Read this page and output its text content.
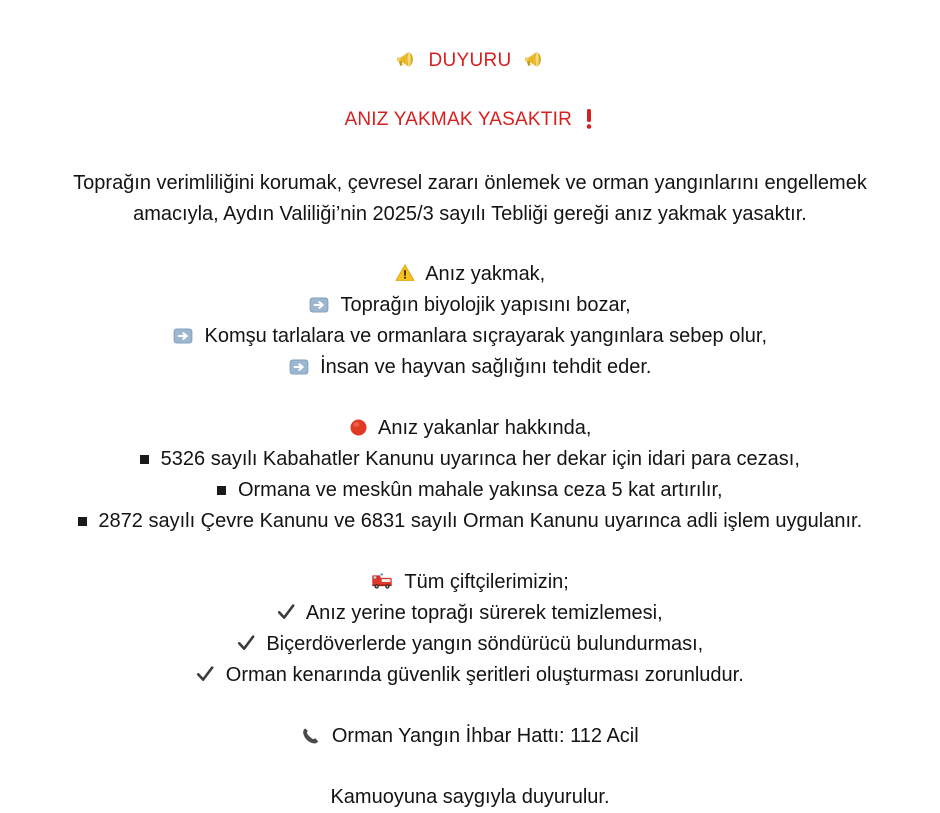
DUYURU
ANIZ YAKMAK YASAKTIR
Toprağın verimliliğini korumak, çevresel zararı önlemek ve orman yangınlarını engellemek amacıyla, Aydın Valiliği’nin 2025/3 sayılı Tebliği gereği anız yakmak yasaktır.
Anız yakmak,
Toprağın biyolojik yapısını bozar,
Komşu tarlalara ve ormanlara sıçrayarak yangınlara sebep olur,
İnsan ve hayvan sağlığını tehdit eder.
Anız yakanlar hakkında,
5326 sayılı Kabahatler Kanunu uyarınca her dekar için idari para cezası,
Ormana ve meskûn mahale yakınsa ceza 5 kat artırılır,
2872 sayılı Çevre Kanunu ve 6831 sayılı Orman Kanunu uyarınca adli işlem uygulanır.
Tüm çiftçilerimizin;
Anız yerine toprağı sürerek temizlemesi,
Biçerdöverlerde yangın söndürücü bulundurması,
Orman kenarında güvenlik şeritleri oluşturması zorunludur.
Orman Yangın İhbar Hattı: 112 Acil
Kamuoyuna saygıyla duyurulur.
